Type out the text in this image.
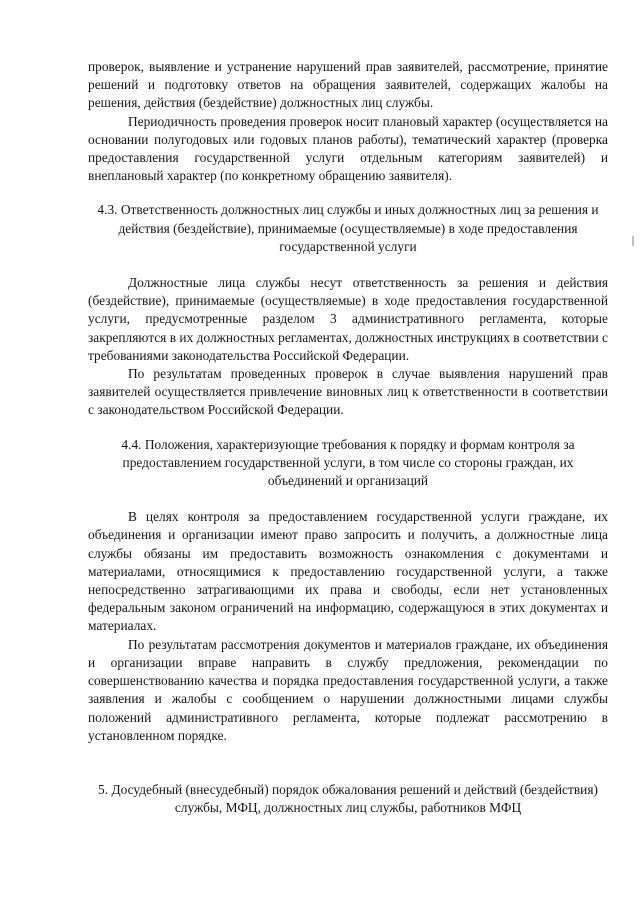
проверок, выявление и устранение нарушений прав заявителей, рассмотрение, принятие решений и подготовку ответов на обращения заявителей, содержащих жалобы на решения, действия (бездействие) должностных лиц службы.

Периодичность проведения проверок носит плановый характер (осуществляется на основании полугодовых или годовых планов работы), тематический характер (проверка предоставления государственной услуги отдельным категориям заявителей) и внеплановый характер (по конкретному обращению заявителя).

4.3. Ответственность должностных лиц службы и иных должностных лиц за решения и действия (бездействие), принимаемые (осуществляемые) в ходе предоставления государственной услуги

Должностные лица службы несут ответственность за решения и действия (бездействие), принимаемые (осуществляемые) в ходе предоставления государственной услуги, предусмотренные разделом 3 административного регламента, которые закрепляются в их должностных регламентах, должностных инструкциях в соответствии с требованиями законодательства Российской Федерации.

По результатам проведенных проверок в случае выявления нарушений прав заявителей осуществляется привлечение виновных лиц к ответственности в соответствии с законодательством Российской Федерации.

4.4. Положения, характеризующие требования к порядку и формам контроля за предоставлением государственной услуги, в том числе со стороны граждан, их объединений и организаций

В целях контроля за предоставлением государственной услуги граждане, их объединения и организации имеют право запросить и получить, а должностные лица службы обязаны им предоставить возможность ознакомления с документами и материалами, относящимися к предоставлению государственной услуги, а также непосредственно затрагивающими их права и свободы, если нет установленных федеральным законом ограничений на информацию, содержащуюся в этих документах и материалах.

По результатам рассмотрения документов и материалов граждане, их объединения и организации вправе направить в службу предложения, рекомендации по совершенствованию качества и порядка предоставления государственной услуги, а также заявления и жалобы с сообщением о нарушении должностными лицами службы положений административного регламента, которые подлежат рассмотрению в установленном порядке.

5. Досудебный (внесудебный) порядок обжалования решений и действий (бездействия) службы, МФЦ, должностных лиц службы, работников МФЦ
